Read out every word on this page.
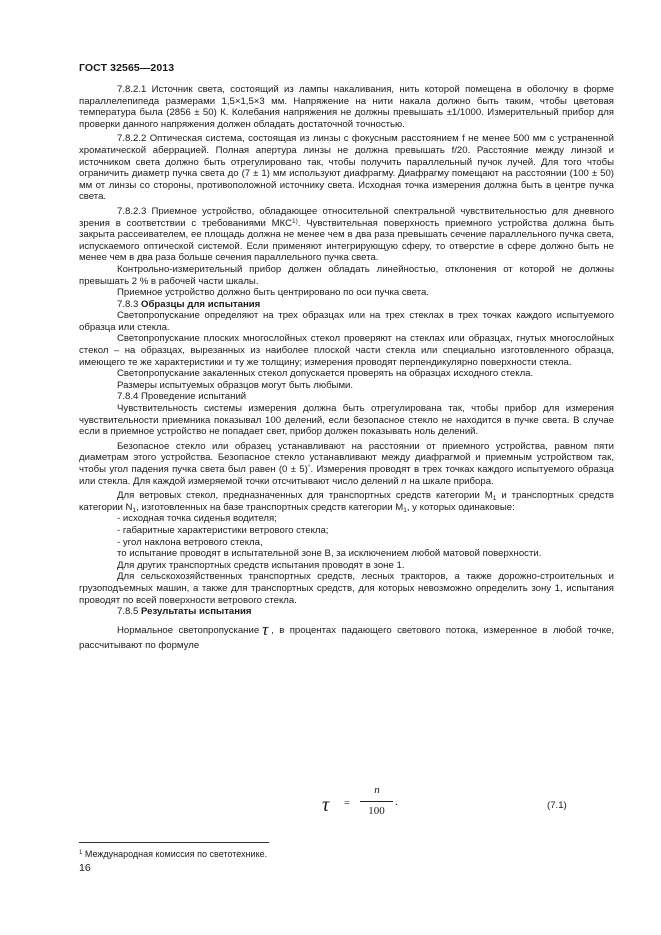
ГОСТ 32565—2013

7.8.2.1 Источник света, состоящий из лампы накаливания, нить которой помещена в оболочку в форме параллелепипеда размерами 1,5×1,5×3 мм. Напряжение на нити накала должно быть таким, чтобы цветовая температура была (2856 ± 50) К. Колебания напряжения не должны превышать ±1/1000. Измерительный прибор для проверки данного напряжения должен обладать достаточной точностью.

7.8.2.2 Оптическая система, состоящая из линзы с фокусным расстоянием f не менее 500 мм с устраненной хроматической аберрацией. Полная апертура линзы не должна превышать f/20. Расстояние между линзой и источником света должно быть отрегулировано так, чтобы получить параллельный пучок лучей. Для того чтобы ограничить диаметр пучка света до (7 ± 1) мм используют диафрагму. Диафрагму помещают на расстоянии (100 ± 50) мм от линзы со стороны, противоположной источнику света. Исходная точка измерения должна быть в центре пучка света.

7.8.2.3 Приемное устройство, обладающее относительной спектральной чувствительностью для дневного зрения в соответствии с требованиями МКС$^{1)}$. Чувствительная поверхность приемного устройства должна быть закрыта рассеивателем, ее площадь должна не менее чем в два раза превышать сечение параллельного пучка света, испускаемого оптической системой. Если применяют интегрирующую сферу, то отверстие в сфере должно быть не менее чем в два раза больше сечения параллельного пучка света.

Контрольно-измерительный прибор должен обладать линейностью, отклонения от которой не должны превышать 2 % в рабочей части шкалы.

Приемное устройство должно быть центрировано по оси пучка света.

7.8.3 Образцы для испытания

Светопропускание определяют на трех образцах или на трех стеклах в трех точках каждого испытуемого образца или стекла.

Светопропускание плоских многослойных стекол проверяют на стеклах или образцах, гнутых многослойных стекол – на образцах, вырезанных из наиболее плоской части стекла или специально изготовленного образца, имеющего те же характеристики и ту же толщину; измерения проводят перпендикулярно поверхности стекла.

Светопропускание закаленных стекол допускается проверять на образцах исходного стекла.

Размеры испытуемых образцов могут быть любыми.

7.8.4 Проведение испытаний

Чувствительность системы измерения должна быть отрегулирована так, чтобы прибор для измерения чувствительности приемника показывал 100 делений, если безопасное стекло не находится в пучке света. В случае если в приемное устройство не попадает свет, прибор должен показывать ноль делений.

Безопасное стекло или образец устанавливают на расстоянии от приемного устройства, равном пяти диаметрам этого устройства. Безопасное стекло устанавливают между диафрагмой и приемным устройством так, чтобы угол падения пучка света был равен (0 ± 5)°. Измерения проводят в трех точках каждого испытуемого образца или стекла. Для каждой измеряемой точки отсчитывают число делений n на шкале прибора.

Для ветровых стекол, предназначенных для транспортных средств категории $М_1$ и транспортных средств категории $N_1$, изготовленных на базе транспортных средств категории $М_1$, у которых одинаковые:

- исходная точка сиденья водителя;

- габаритные характеристики ветрового стекла;

- угол наклона ветрового стекла,

то испытание проводят в испытательной зоне В, за исключением любой матовой поверхности.

Для других транспортных средств испытания проводят в зоне 1.

Для сельскохозяйственных транспортных средств, лесных тракторов, а также дорожно-строительных и грузоподъемных машин, а также для транспортных средств, для которых невозможно определить зону 1, испытания проводят по всей поверхности ветрового стекла.

7.8.5 Результаты испытания

Нормальное светопропускание τ , в процентах падающего светового потока, измеренное в любой точке, рассчитывают по формуле

τ =
n
100
.	(7.1)
$^1$ Международная комиссия по светотехнике.
16
